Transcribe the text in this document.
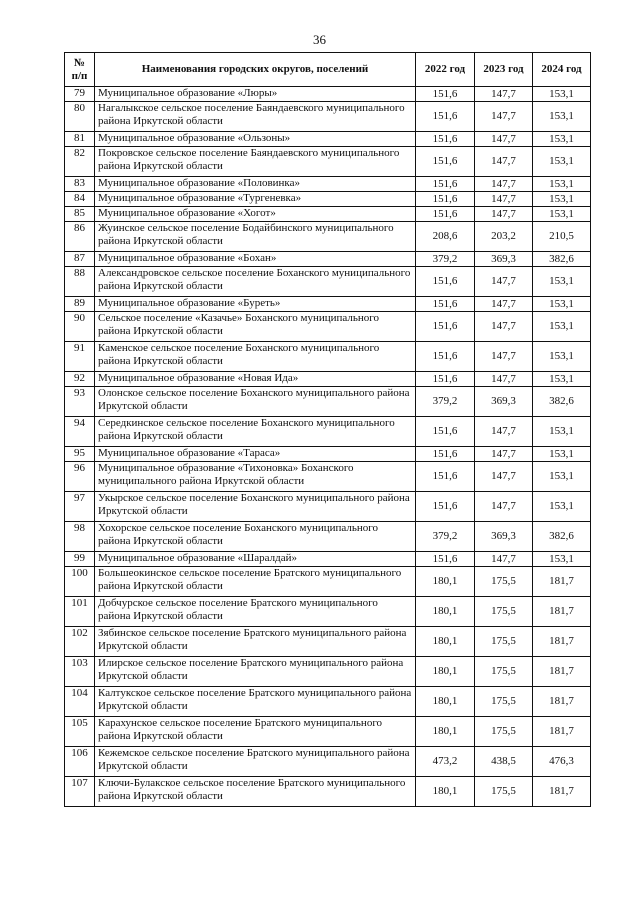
36
№ п/п	Наименования городских округов, поселений	2022 год	2023 год	2024 год
79	Муниципальное образование «Люры»	151,6	147,7	153,1
80	Нагалыкское сельское поселение Баяндаевского муниципального района Иркутской области	151,6	147,7	153,1
81	Муниципальное образование «Ользоны»	151,6	147,7	153,1
82	Покровское сельское поселение Баяндаевского муниципального района Иркутской области	151,6	147,7	153,1
83	Муниципальное образование «Половинка»	151,6	147,7	153,1
84	Муниципальное образование «Тургеневка»	151,6	147,7	153,1
85	Муниципальное образование «Хогот»	151,6	147,7	153,1
86	Жуинское сельское поселение Бодайбинского муниципального района Иркутской области	208,6	203,2	210,5
87	Муниципальное образование «Бохан»	379,2	369,3	382,6
88	Александровское сельское поселение Боханского муниципального района Иркутской области	151,6	147,7	153,1
89	Муниципальное образование «Буреть»	151,6	147,7	153,1
90	Сельское поселение «Казачье» Боханского муниципального района Иркутской области	151,6	147,7	153,1
91	Каменское сельское поселение Боханского муниципального района Иркутской области	151,6	147,7	153,1
92	Муниципальное образование «Новая Ида»	151,6	147,7	153,1
93	Олонское сельское поселение Боханского муниципального района Иркутской области	379,2	369,3	382,6
94	Середкинское сельское поселение Боханского муниципального района Иркутской области	151,6	147,7	153,1
95	Муниципальное образование «Тараса»	151,6	147,7	153,1
96	Муниципальное образование «Тихоновка» Боханского муниципального района Иркутской области	151,6	147,7	153,1
97	Укырское сельское поселение Боханского муниципального района Иркутской области	151,6	147,7	153,1
98	Хохорское сельское поселение Боханского муниципального района Иркутской области	379,2	369,3	382,6
99	Муниципальное образование «Шаралдай»	151,6	147,7	153,1
100	Большеокинское сельское поселение Братского муниципального района Иркутской области	180,1	175,5	181,7
101	Добчурское сельское поселение Братского муниципального района Иркутской области	180,1	175,5	181,7
102	Зябинское сельское поселение Братского муниципального района Иркутской области	180,1	175,5	181,7
103	Илирское сельское поселение Братского муниципального района Иркутской области	180,1	175,5	181,7
104	Калтукское сельское поселение Братского муниципального района Иркутской области	180,1	175,5	181,7
105	Карахунское сельское поселение Братского муниципального района Иркутской области	180,1	175,5	181,7
106	Кежемское сельское поселение Братского муниципального района Иркутской области	473,2	438,5	476,3
107	Ключи-Булакское сельское поселение Братского муниципального района Иркутской области	180,1	175,5	181,7
